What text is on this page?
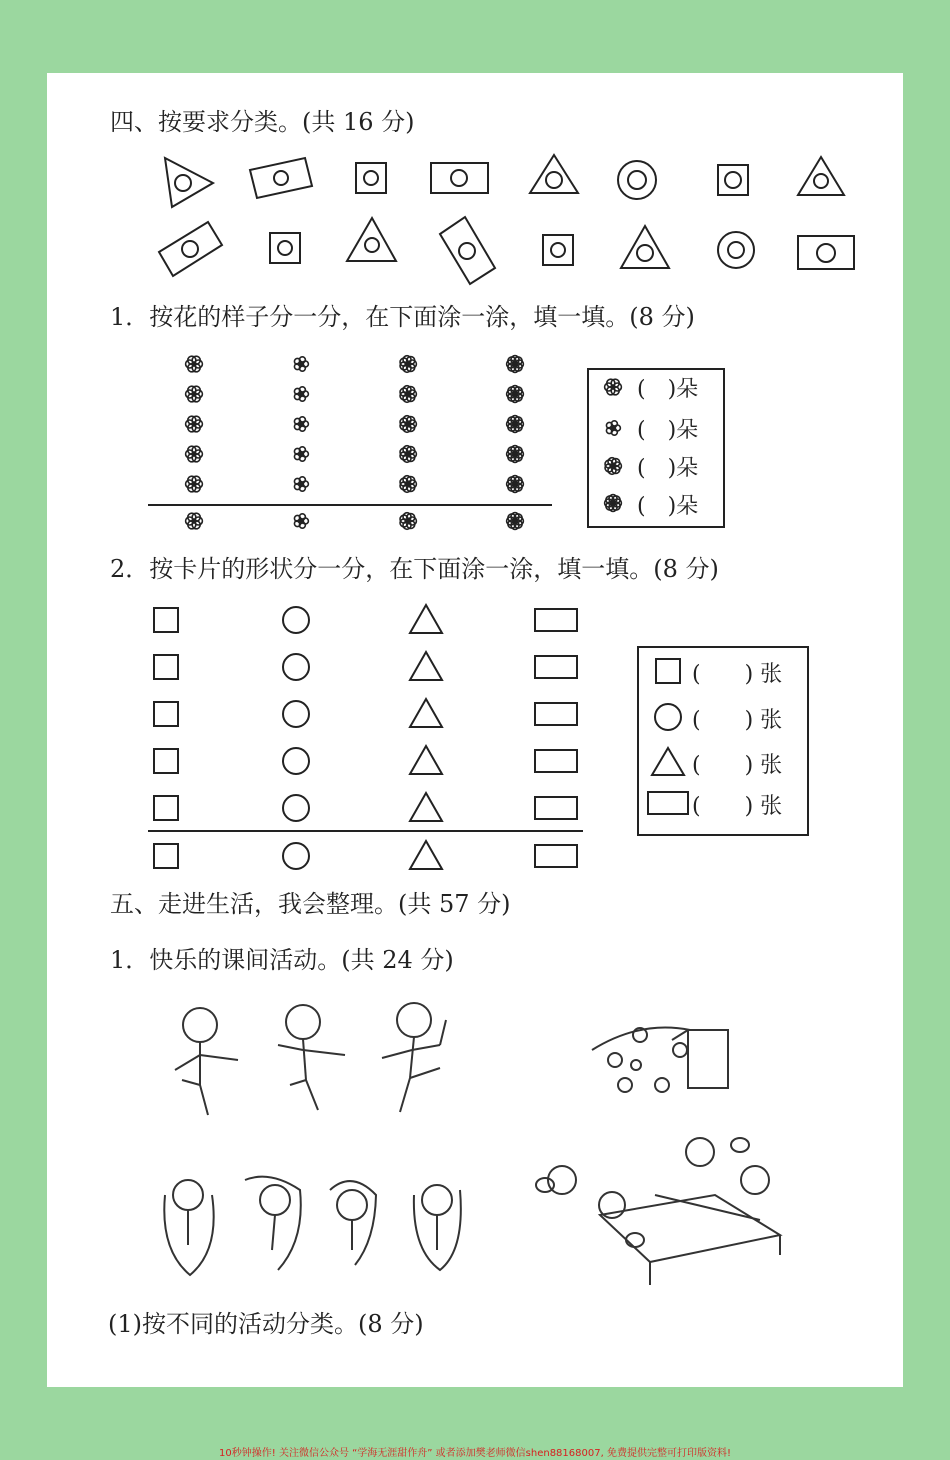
四、按要求分类。(共 16 分)
1．按花的样子分一分，在下面涂一涂，填一填。(8 分)
( )朵
( )朵
( )朵
( )朵
2．按卡片的形状分一分，在下面涂一涂，填一填。(8 分)
(  ) 张
(  ) 张
(  ) 张
(  ) 张
五、走进生活，我会整理。(共 57 分)
1．快乐的课间活动。(共 24 分)
(1)按不同的活动分类。(8 分)
10秒钟操作! 关注微信公众号 “学海无涯甜作舟” 或者添加樊老师微信shen88168007, 免费提供完整可打印版资料!
